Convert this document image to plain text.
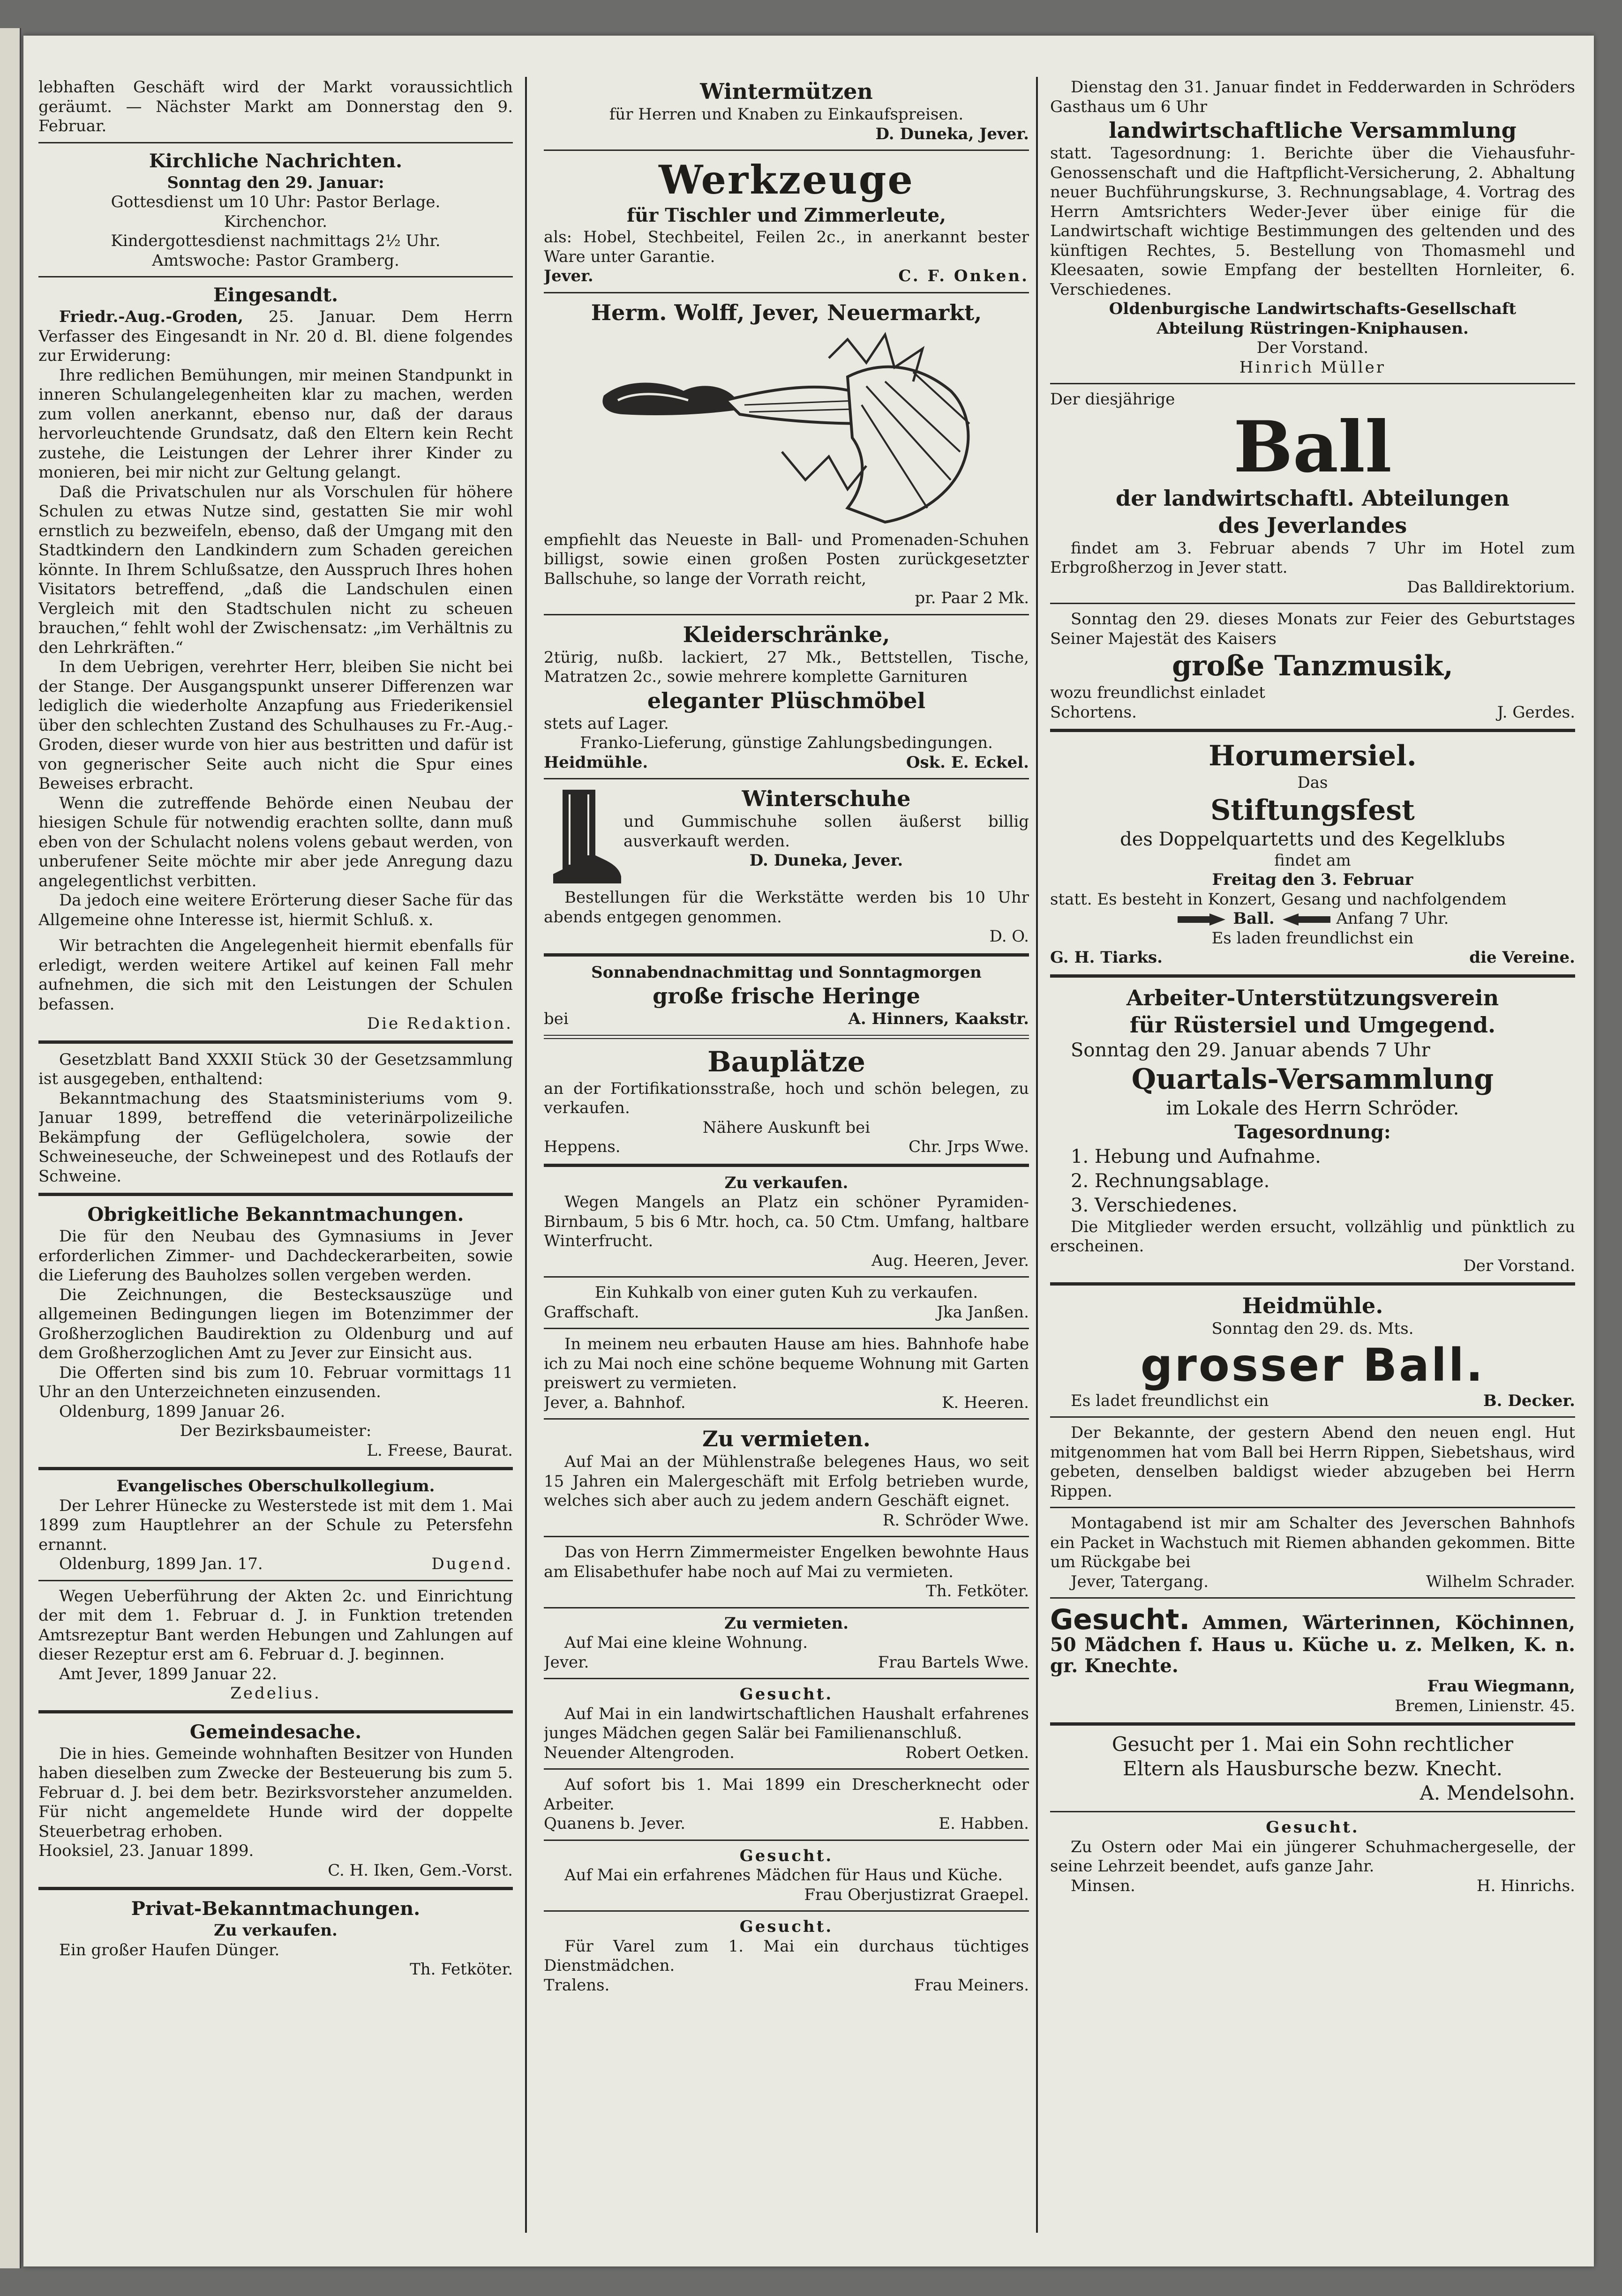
lebhaften Geschäft wird der Markt voraussichtlich geräumt. — Nächster Markt am Donnerstag den 9. Februar.

Kirchliche Nachrichten.

Sonntag den 29. Januar:

Gottesdienst um 10 Uhr: Pastor Berlage.

Kirchenchor.

Kindergottesdienst nachmittags 2½ Uhr.

Amtswoche: Pastor Gramberg.

Eingesandt.

Friedr.-Aug.-Groden, 25. Januar. Dem Herrn Verfasser des Eingesandt in Nr. 20 d. Bl. diene folgendes zur Erwiderung:

Ihre redlichen Bemühungen, mir meinen Standpunkt in inneren Schulangelegenheiten klar zu machen, werden zum vollen anerkannt, ebenso nur, daß der daraus hervorleuchtende Grundsatz, daß den Eltern kein Recht zustehe, die Leistungen der Lehrer ihrer Kinder zu monieren, bei mir nicht zur Geltung gelangt.

Daß die Privatschulen nur als Vorschulen für höhere Schulen zu etwas Nutze sind, gestatten Sie mir wohl ernstlich zu bezweifeln, ebenso, daß der Umgang mit den Stadtkindern den Landkindern zum Schaden gereichen könnte. In Ihrem Schlußsatze, den Ausspruch Ihres hohen Visitators betreffend, „daß die Landschulen einen Vergleich mit den Stadtschulen nicht zu scheuen brauchen,“ fehlt wohl der Zwischensatz: „im Verhältnis zu den Lehrkräften.“

In dem Uebrigen, verehrter Herr, bleiben Sie nicht bei der Stange. Der Ausgangspunkt unserer Differenzen war lediglich die wiederholte Anzapfung aus Friederikensiel über den schlechten Zustand des Schulhauses zu Fr.-Aug.-Groden, dieser wurde von hier aus bestritten und dafür ist von gegnerischer Seite auch nicht die Spur eines Beweises erbracht.

Wenn die zutreffende Behörde einen Neubau der hiesigen Schule für notwendig erachten sollte, dann muß eben von der Schulacht nolens volens gebaut werden, von unberufener Seite möchte mir aber jede Anregung dazu angelegentlichst verbitten.

Da jedoch eine weitere Erörterung dieser Sache für das Allgemeine ohne Interesse ist, hiermit Schluß. x.

Wir betrachten die Angelegenheit hiermit ebenfalls für erledigt, werden weitere Artikel auf keinen Fall mehr aufnehmen, die sich mit den Leistungen der Schulen befassen.

Die Redaktion.

Gesetzblatt Band XXXII Stück 30 der Gesetzsammlung ist ausgegeben, enthaltend:

Bekanntmachung des Staatsministeriums vom 9. Januar 1899, betreffend die veterinärpolizeiliche Bekämpfung der Geflügelcholera, sowie der Schweineseuche, der Schweinepest und des Rotlaufs der Schweine.

Obrigkeitliche Bekanntmachungen.

Die für den Neubau des Gymnasiums in Jever erforderlichen Zimmer- und Dachdeckerarbeiten, sowie die Lieferung des Bauholzes sollen vergeben werden.

Die Zeichnungen, die Bestecksauszüge und allgemeinen Bedingungen liegen im Botenzimmer der Großherzoglichen Baudirektion zu Oldenburg und auf dem Großherzoglichen Amt zu Jever zur Einsicht aus.

Die Offerten sind bis zum 10. Februar vormittags 11 Uhr an den Unterzeichneten einzusenden.

Oldenburg, 1899 Januar 26.

Der Bezirksbaumeister:

L. Freese, Baurat.

Evangelisches Oberschulkollegium.

Der Lehrer Hünecke zu Westerstede ist mit dem 1. Mai 1899 zum Hauptlehrer an der Schule zu Petersfehn ernannt.

Oldenburg, 1899 Jan. 17.	Dugend.

Wegen Ueberführung der Akten 2c. und Einrichtung der mit dem 1. Februar d. J. in Funktion tretenden Amtsrezeptur Bant werden Hebungen und Zahlungen auf dieser Rezeptur erst am 6. Februar d. J. beginnen.

Amt Jever, 1899 Januar 22.

Zedelius.

Gemeindesache.

Die in hies. Gemeinde wohnhaften Besitzer von Hunden haben dieselben zum Zwecke der Besteuerung bis zum 5. Februar d. J. bei dem betr. Bezirksvorsteher anzumelden. Für nicht angemeldete Hunde wird der doppelte Steuerbetrag erhoben.

Hooksiel, 23. Januar 1899.

C. H. Iken, Gem.-Vorst.

Privat-Bekanntmachungen.

Zu verkaufen.

Ein großer Haufen Dünger.

Th. Fetköter.

Wintermützen

für Herren und Knaben zu Einkaufspreisen.

D. Duneka, Jever.

Werkzeuge

für Tischler und Zimmerleute,

als: Hobel, Stechbeitel, Feilen 2c., in anerkannt bester Ware unter Garantie.

Jever.	C. F. Onken.

Herm. Wolff, Jever, Neuermarkt,

empfiehlt das Neueste in Ball- und Promenaden-Schuhen billigst, sowie einen großen Posten zurückgesetzter Ballschuhe, so lange der Vorrath reicht,

pr. Paar 2 Mk.

Kleiderschränke,

2türig, nußb. lackiert, 27 Mk., Bettstellen, Tische, Matratzen 2c., sowie mehrere komplette Garnituren

eleganter Plüschmöbel

stets auf Lager.

Franko-Lieferung, günstige Zahlungsbedingungen.

Heidmühle.	Osk. E. Eckel.

Winterschuhe

und Gummischuhe sollen äußerst billig ausverkauft werden.

D. Duneka, Jever.

Bestellungen für die Werkstätte werden bis 10 Uhr abends entgegen genommen.

D. O.

Sonnabendnachmittag und Sonntagmorgen

große frische Heringe

bei	A. Hinners, Kaakstr.

Bauplätze

an der Fortifikationsstraße, hoch und schön belegen, zu verkaufen.

Nähere Auskunft bei

Heppens.	Chr. Jrps Wwe.

Zu verkaufen.

Wegen Mangels an Platz ein schöner Pyramiden-Birnbaum, 5 bis 6 Mtr. hoch, ca. 50 Ctm. Umfang, haltbare Winterfrucht.

Aug. Heeren, Jever.

Ein Kuhkalb von einer guten Kuh zu verkaufen.

Graffschaft.	Jka Janßen.

In meinem neu erbauten Hause am hies. Bahnhofe habe ich zu Mai noch eine schöne bequeme Wohnung mit Garten preiswert zu vermieten.

Jever, a. Bahnhof.	K. Heeren.

Zu vermieten.

Auf Mai an der Mühlenstraße belegenes Haus, wo seit 15 Jahren ein Malergeschäft mit Erfolg betrieben wurde, welches sich aber auch zu jedem andern Geschäft eignet.

R. Schröder Wwe.

Das von Herrn Zimmermeister Engelken bewohnte Haus am Elisabethufer habe noch auf Mai zu vermieten.

Th. Fetköter.

Zu vermieten.

Auf Mai eine kleine Wohnung.

Jever.	Frau Bartels Wwe.

Gesucht.

Auf Mai in ein landwirtschaftlichen Haushalt erfahrenes junges Mädchen gegen Salär bei Familienanschluß.

Neuender Altengroden.	Robert Oetken.

Auf sofort bis 1. Mai 1899 ein Drescherknecht oder Arbeiter.

Quanens b. Jever.	E. Habben.

Gesucht.

Auf Mai ein erfahrenes Mädchen für Haus und Küche.

Frau Oberjustizrat Graepel.

Gesucht.

Für Varel zum 1. Mai ein durchaus tüchtiges Dienstmädchen.

Tralens.	Frau Meiners.

Dienstag den 31. Januar findet in Fedderwarden in Schröders Gasthaus um 6 Uhr

landwirtschaftliche Versammlung

statt. Tagesordnung: 1. Berichte über die Viehausfuhr-Genossenschaft und die Haftpflicht-Versicherung, 2. Abhaltung neuer Buchführungskurse, 3. Rechnungsablage, 4. Vortrag des Herrn Amtsrichters Weder-Jever über einige für die Landwirtschaft wichtige Bestimmungen des geltenden und des künftigen Rechtes, 5. Bestellung von Thomasmehl und Kleesaaten, sowie Empfang der bestellten Hornleiter, 6. Verschiedenes.

Oldenburgische Landwirtschafts-Gesellschaft

Abteilung Rüstringen-Kniphausen.

Der Vorstand.

Hinrich Müller

Der diesjährige

Ball

der landwirtschaftl. Abteilungen

des Jeverlandes

findet am 3. Februar abends 7 Uhr im Hotel zum Erbgroßherzog in Jever statt.

Das Balldirektorium.

Sonntag den 29. dieses Monats zur Feier des Geburtstages Seiner Majestät des Kaisers

große Tanzmusik,

wozu freundlichst einladet

Schortens.	J. Gerdes.

Horumersiel.

Das

Stiftungsfest

des Doppelquartetts und des Kegelklubs

findet am

Freitag den 3. Februar

statt. Es besteht in Konzert, Gesang und nachfolgendem

Ball.	Anfang 7 Uhr.

Es laden freundlichst ein

G. H. Tiarks.	die Vereine.

Arbeiter-Unterstützungsverein

für Rüstersiel und Umgegend.

Sonntag den 29. Januar abends 7 Uhr

Quartals-Versammlung

im Lokale des Herrn Schröder.

Tagesordnung:

1. Hebung und Aufnahme.

2. Rechnungsablage.

3. Verschiedenes.

Die Mitglieder werden ersucht, vollzählig und pünktlich zu erscheinen.

Der Vorstand.

Heidmühle.

Sonntag den 29. ds. Mts.

grosser Ball.

Es ladet freundlichst ein	B. Decker.

Der Bekannte, der gestern Abend den neuen engl. Hut mitgenommen hat vom Ball bei Herrn Rippen, Siebetshaus, wird gebeten, denselben baldigst wieder abzugeben bei Herrn Rippen.

Montagabend ist mir am Schalter des Jeverschen Bahnhofs ein Packet in Wachstuch mit Riemen abhanden gekommen. Bitte um Rückgabe bei

Jever, Tatergang.	Wilhelm Schrader.

Gesucht. Ammen, Wärterinnen, Köchinnen, 50 Mädchen f. Haus u. Küche u. z. Melken, K. n. gr. Knechte.

Frau Wiegmann,

Bremen, Linienstr. 45.

Gesucht per 1. Mai ein Sohn rechtlicher

Eltern als Hausbursche bezw. Knecht.

A. Mendelsohn.

Gesucht.

Zu Ostern oder Mai ein jüngerer Schuhmachergeselle, der seine Lehrzeit beendet, aufs ganze Jahr.

Minsen.	H. Hinrichs.
